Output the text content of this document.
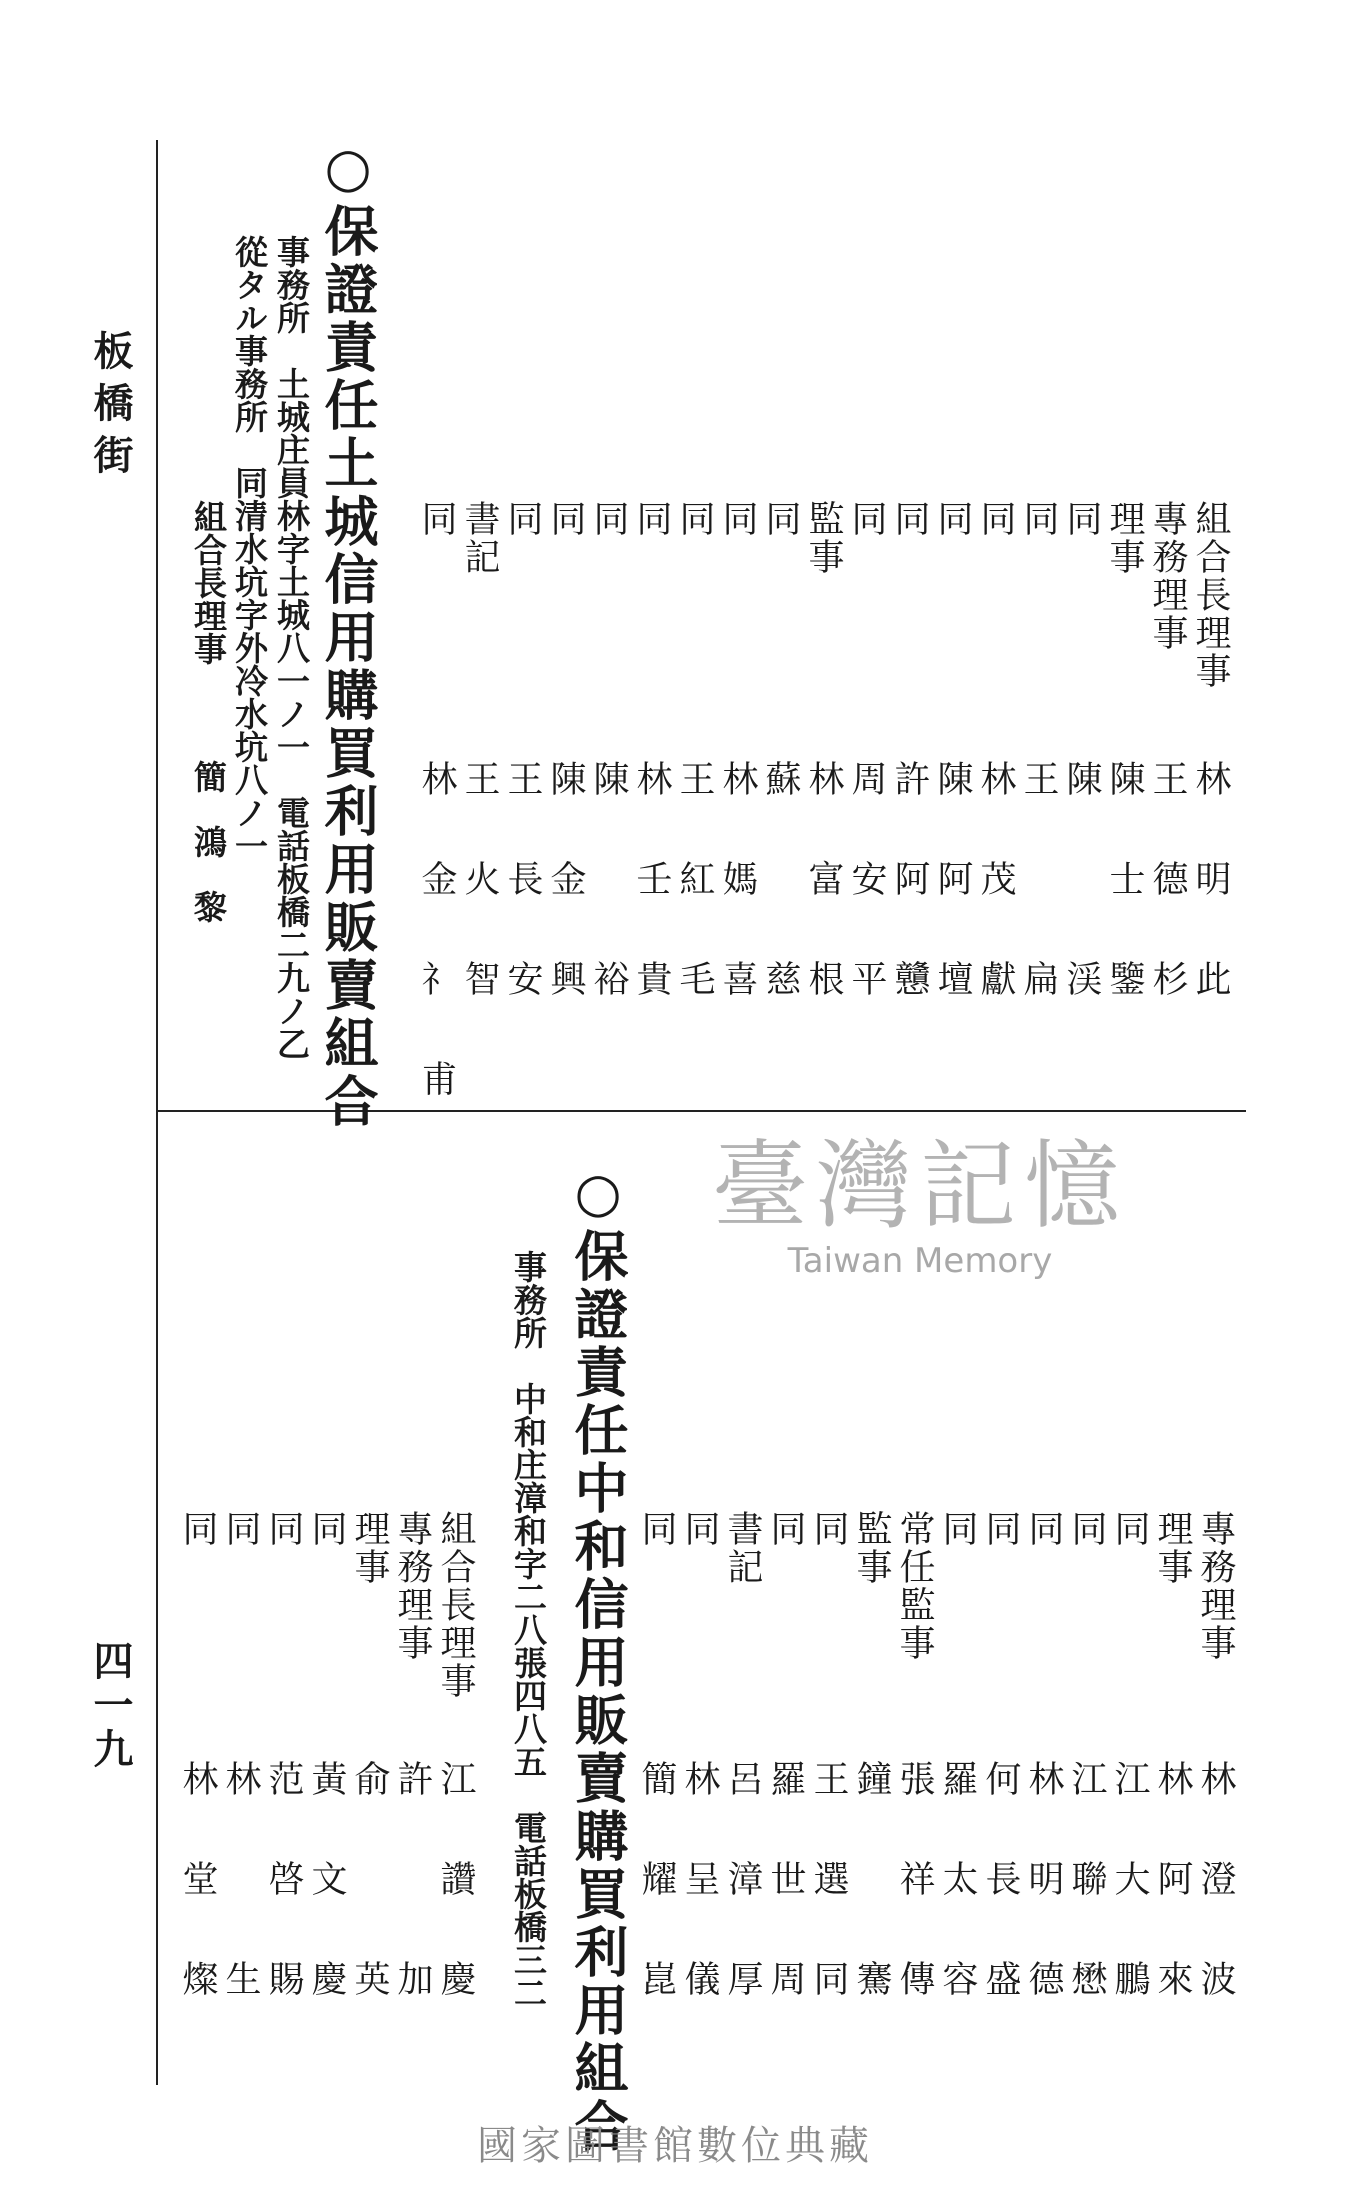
板橋街
四一九
○保證責任土城信用購買利用販賣組合
事務所　土城庄員林字土城八一ノ一　電話板橋二九ノ乙
從タル事務所　同清水坑字外冷水坑八ノ一
組合長理事
簡鴻黎
組合長理事
林明此
專務理事
王德杉
理事
陳士鑒
同
陳　渓
同
王　扁
同
林茂獻
同
陳阿壇
同
許阿戇
同
周安平
監事
林富根
同
蘇　慈
同
林媽喜
同
王紅毛
同
林壬貴
同
陳　裕
同
陳金興
同
王長安
書記
王火智
同
林金礻甫
○保證責任中和信用販賣購買利用組合
事務所　中和庄漳和字二八張四八五　電話板橋三二	專務理事
林澄波
理事
林阿來
同
江大鵬
同
江聯懋
同
林明德
同
何長盛
同
羅太容
常任監事
張祥傳
監事
鐘　騫
同
王選同
同
羅世周
書記
呂漳厚
同
林呈儀
同
簡耀崑
組合長理事
江讚慶
專務理事
許　加
理事
俞　英
同
黃文慶
同
范啓賜
同
林　生
同
林堂燦
臺灣記憶
Taiwan Memory
國家圖書館數位典藏
